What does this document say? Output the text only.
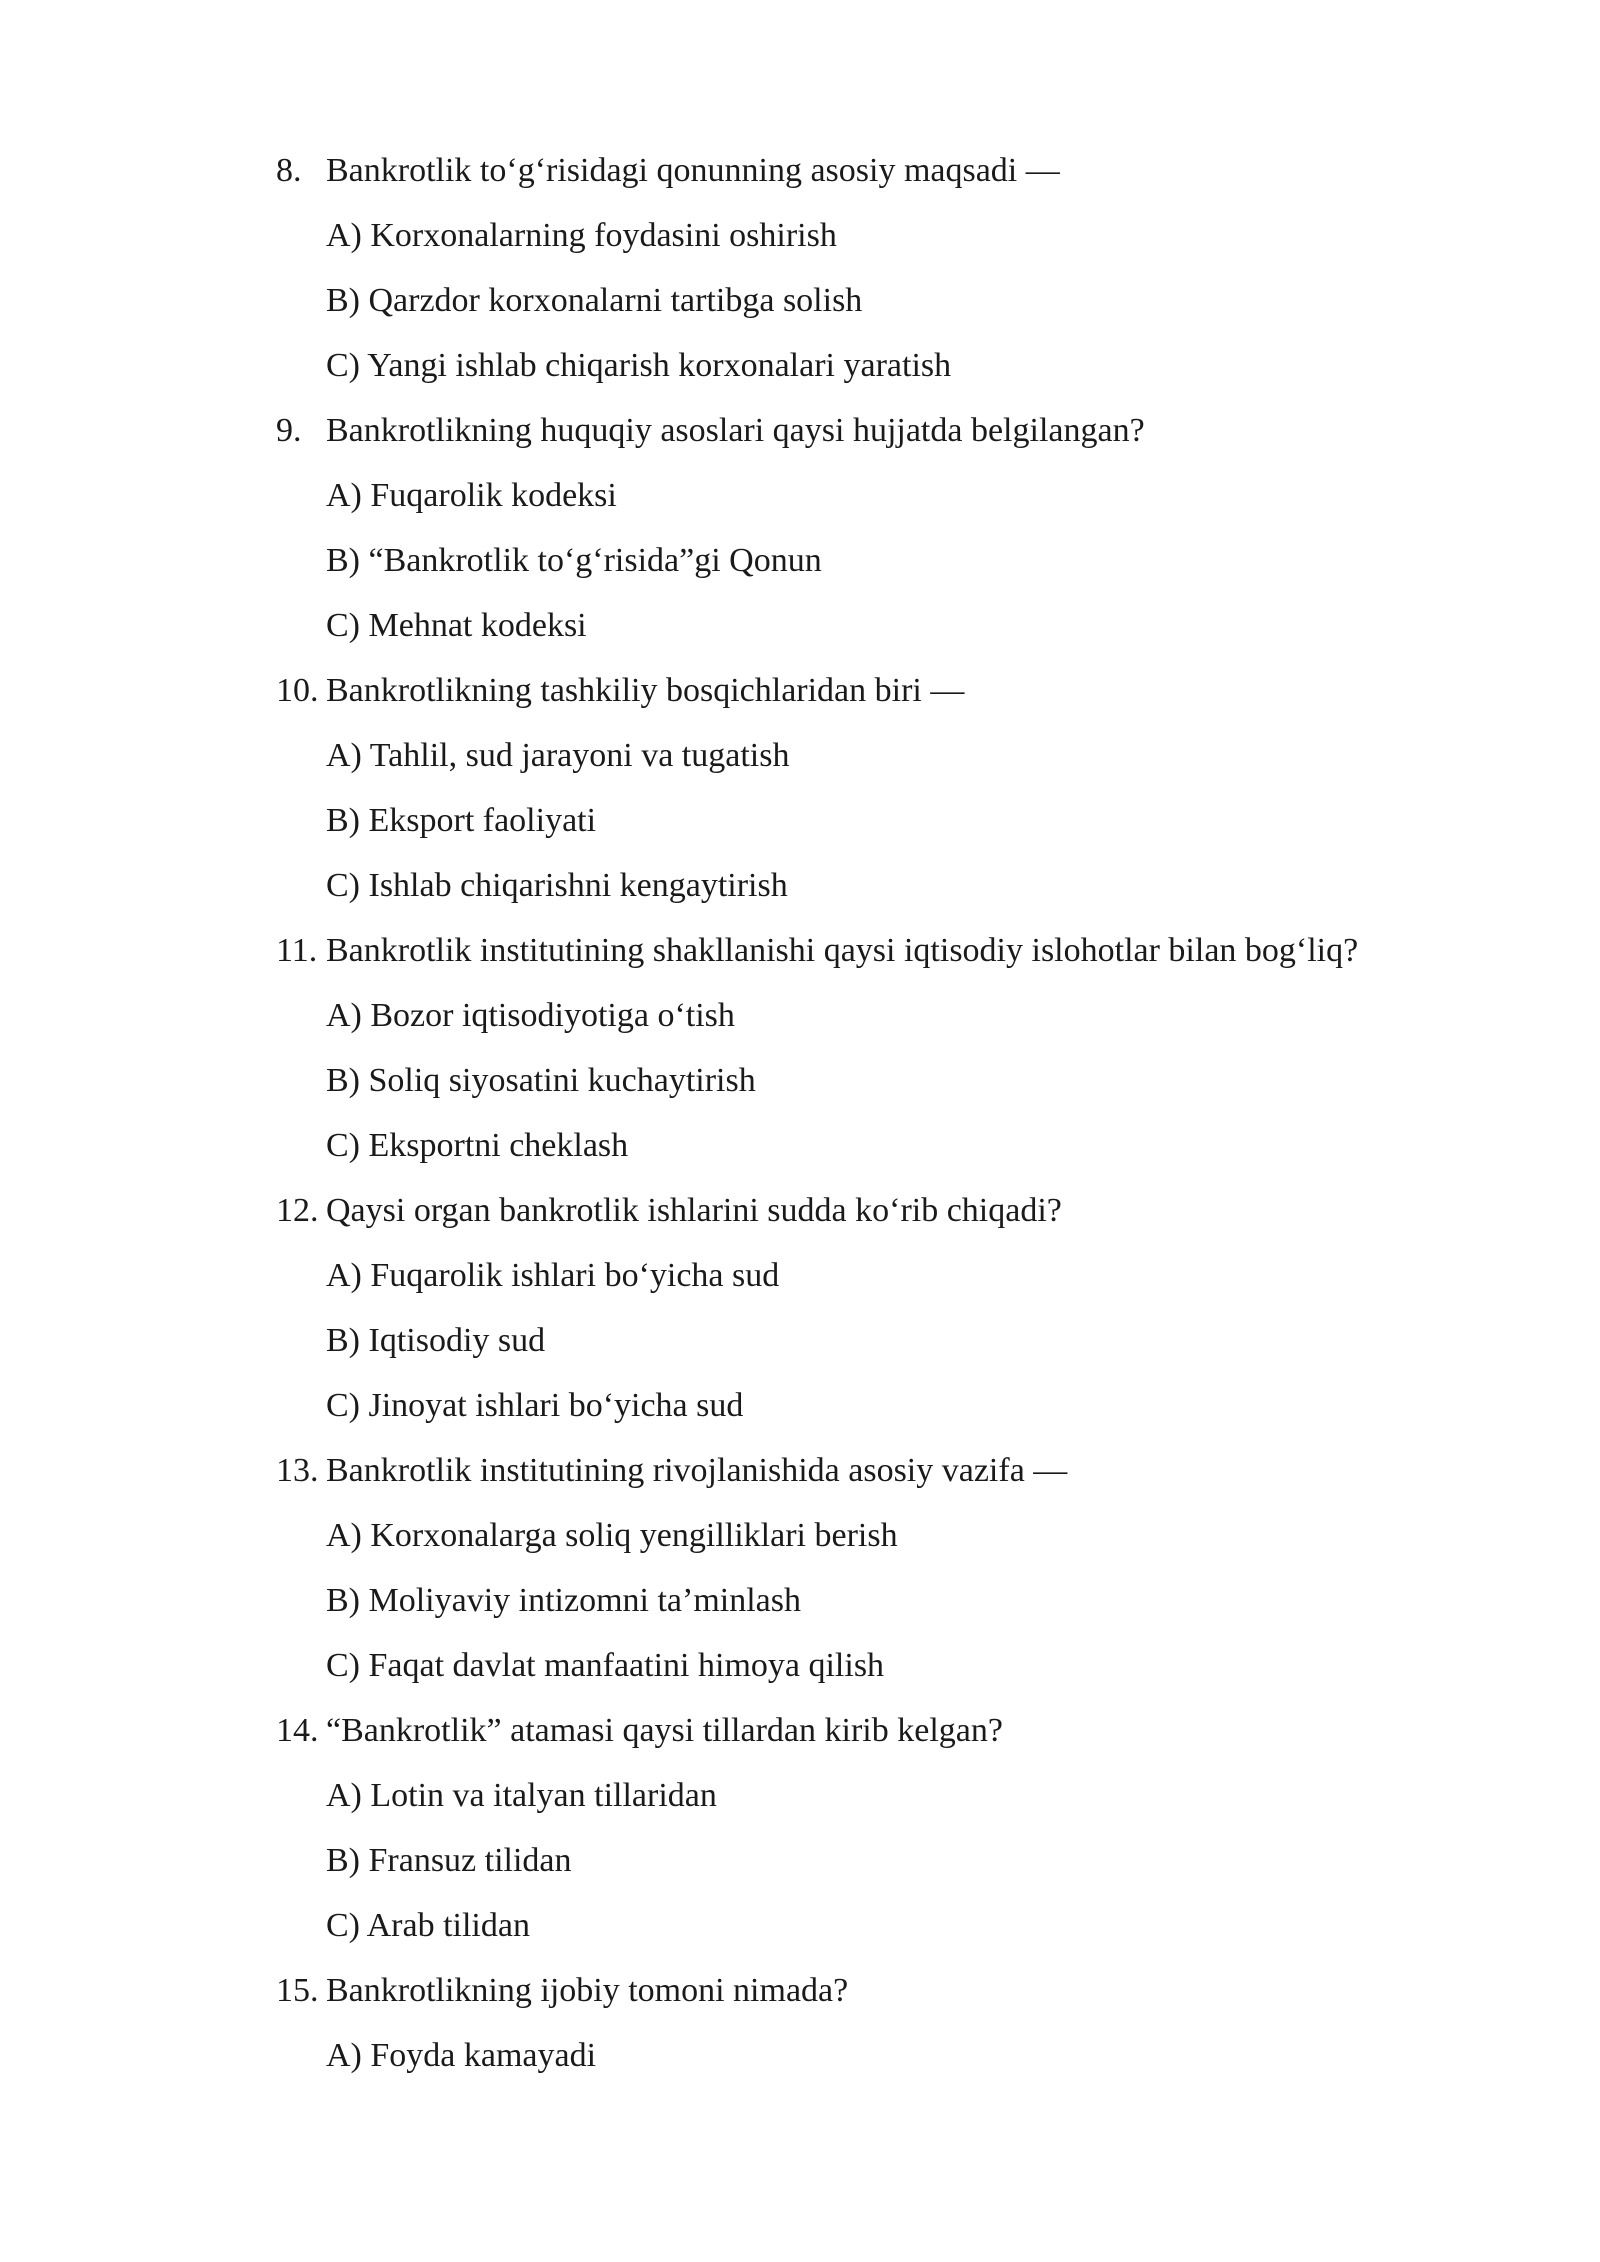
8. Bankrotlik to‘g‘risidagi qonunning asosiy maqsadi —
A) Korxonalarning foydasini oshirish
B) Qarzdor korxonalarni tartibga solish
C) Yangi ishlab chiqarish korxonalari yaratish
9. Bankrotlikning huquqiy asoslari qaysi hujjatda belgilangan?
A) Fuqarolik kodeksi
B) “Bankrotlik to‘g‘risida”gi Qonun
C) Mehnat kodeksi
10. Bankrotlikning tashkiliy bosqichlaridan biri —
A) Tahlil, sud jarayoni va tugatish
B) Eksport faoliyati
C) Ishlab chiqarishni kengaytirish
11. Bankrotlik institutining shakllanishi qaysi iqtisodiy islohotlar bilan bog‘liq?
A) Bozor iqtisodiyotiga o‘tish
B) Soliq siyosatini kuchaytirish
C) Eksportni cheklash
12. Qaysi organ bankrotlik ishlarini sudda ko‘rib chiqadi?
A) Fuqarolik ishlari bo‘yicha sud
B) Iqtisodiy sud
C) Jinoyat ishlari bo‘yicha sud
13. Bankrotlik institutining rivojlanishida asosiy vazifa —
A) Korxonalarga soliq yengilliklari berish
B) Moliyaviy intizomni ta’minlash
C) Faqat davlat manfaatini himoya qilish
14. “Bankrotlik” atamasi qaysi tillardan kirib kelgan?
A) Lotin va italyan tillaridan
B) Fransuz tilidan
C) Arab tilidan
15. Bankrotlikning ijobiy tomoni nimada?
A) Foyda kamayadi
